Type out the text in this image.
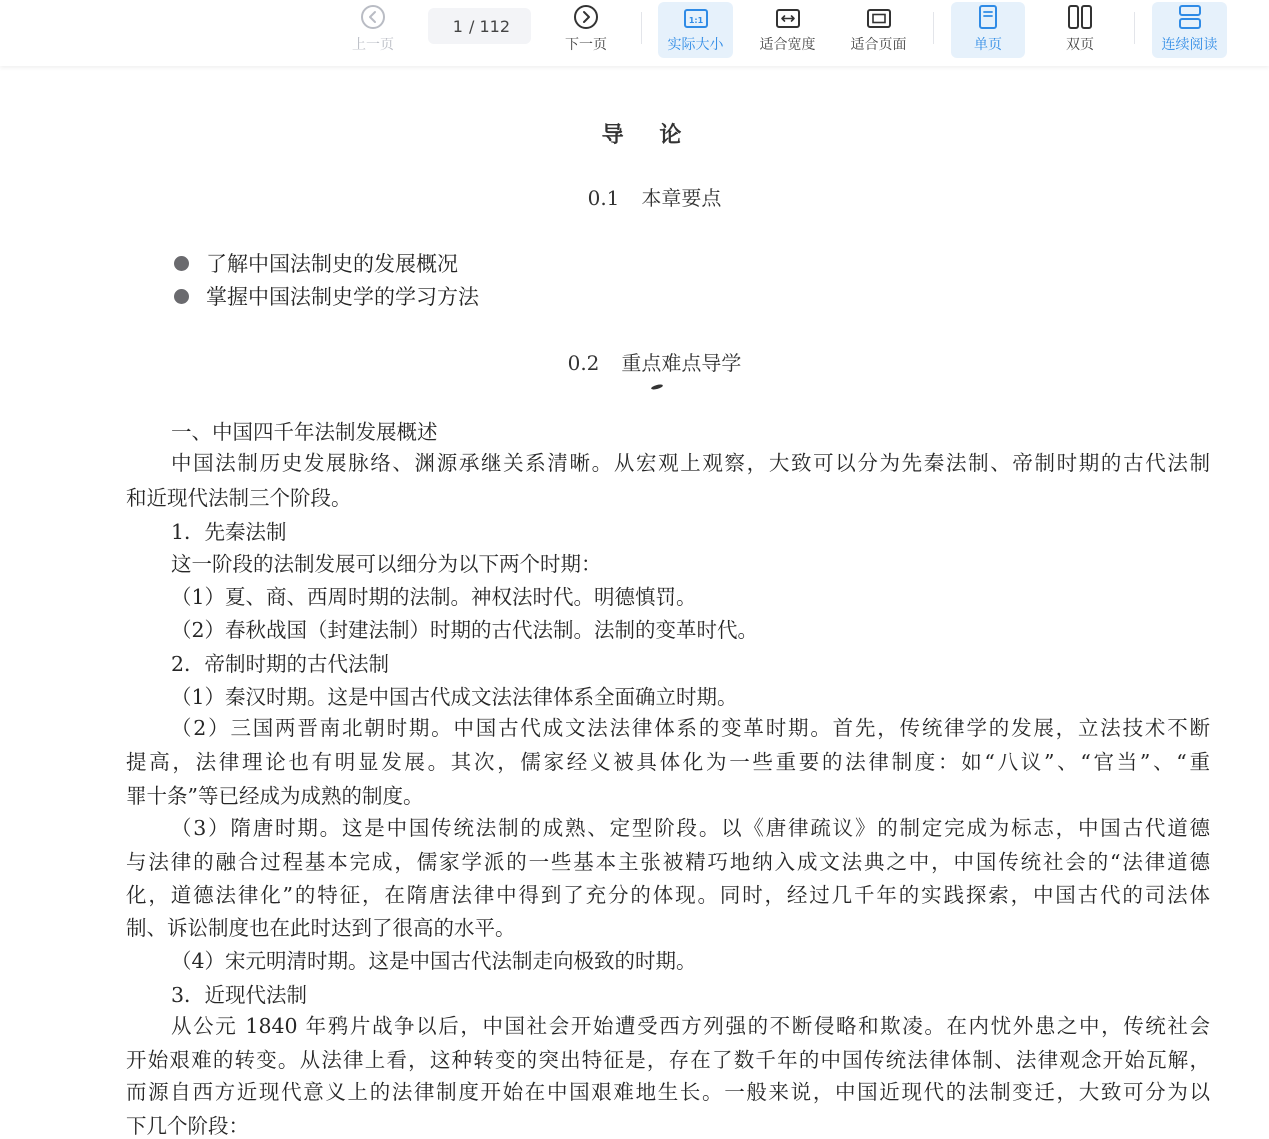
上一页
1
/ 112
下一页
1:1
实际大小	适合宽度	适合页面	单页	双页	连续阅读
导 论
0.1 本章要点
了解中国法制史的发展概况
掌握中国法制史学的学习方法
0.2 重点难点导学
一、中国四千年法制发展概述
中国法制历史发展脉络、渊源承继关系清晰。从宏观上观察，大致可以分为先秦法制、帝制时期的古代法制
和近现代法制三个阶段。
1．先秦法制
这一阶段的法制发展可以细分为以下两个时期：
（1）夏、商、西周时期的法制。神权法时代。明德慎罚。
（2）春秋战国（封建法制）时期的古代法制。法制的变革时代。
2．帝制时期的古代法制
（1）秦汉时期。这是中国古代成文法法律体系全面确立时期。
（2）三国两晋南北朝时期。中国古代成文法法律体系的变革时期。首先，传统律学的发展，立法技术不断
提高，法律理论也有明显发展。其次，儒家经义被具体化为一些重要的法律制度：如“八议”、“官当”、“重
罪十条”等已经成为成熟的制度。
（3）隋唐时期。这是中国传统法制的成熟、定型阶段。以《唐律疏议》的制定完成为标志，中国古代道德
与法律的融合过程基本完成，儒家学派的一些基本主张被精巧地纳入成文法典之中，中国传统社会的“法律道德
化，道德法律化”的特征，在隋唐法律中得到了充分的体现。同时，经过几千年的实践探索，中国古代的司法体
制、诉讼制度也在此时达到了很高的水平。
（4）宋元明清时期。这是中国古代法制走向极致的时期。
3．近现代法制
从公元 1840 年鸦片战争以后，中国社会开始遭受西方列强的不断侵略和欺凌。在内忧外患之中，传统社会
开始艰难的转变。从法律上看，这种转变的突出特征是，存在了数千年的中国传统法律体制、法律观念开始瓦解，
而源自西方近现代意义上的法律制度开始在中国艰难地生长。一般来说，中国近现代的法制变迁，大致可分为以
下几个阶段：
